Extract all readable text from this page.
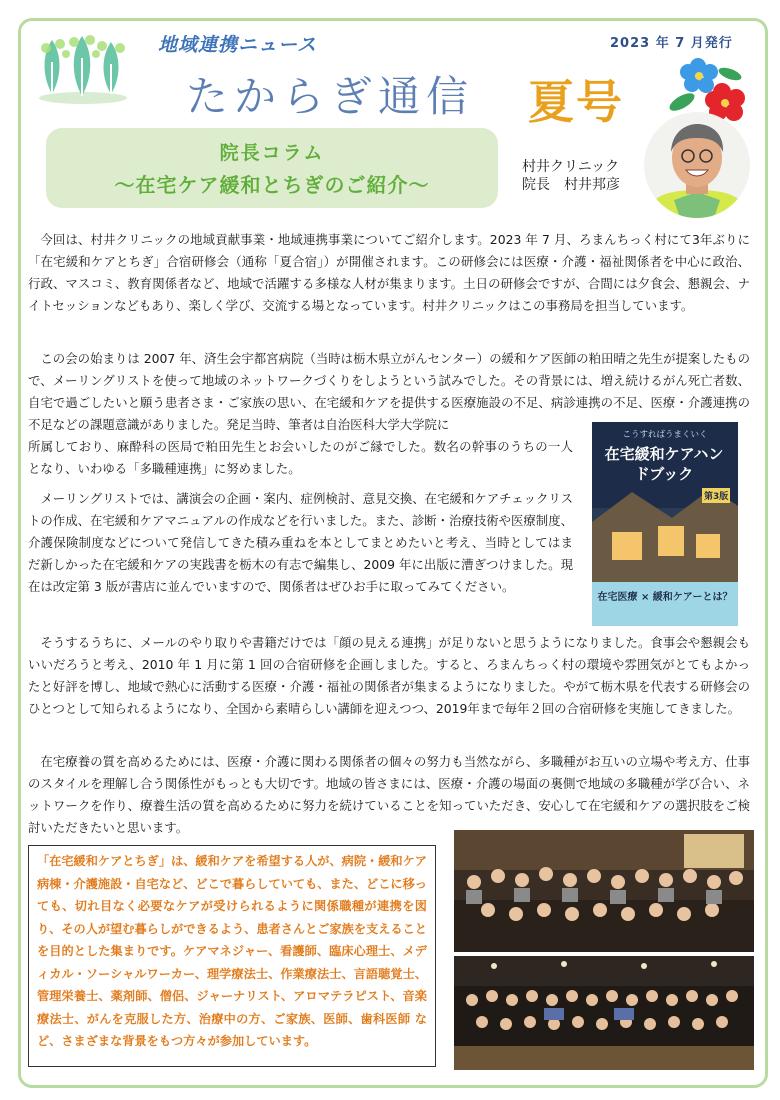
地域連携ニュース	2023 年 7 月発行
たからぎ通信 夏号
院長コラム
～在宅ケア緩和とちぎのご紹介～
村井クリニック
院長　村井邦彦

今回は、村井クリニックの地域貢献事業・地域連携事業についてご紹介します。2023 年 7 月、ろまんちっく村にて3年ぶりに「在宅緩和ケアとちぎ」合宿研修会（通称「夏合宿」）が開催されます。この研修会には医療・介護・福祉関係者を中心に政治、行政、マスコミ、教育関係者など、地域で活躍する多様な人材が集まります。土日の研修会ですが、合間には夕食会、懇親会、ナイトセッションなどもあり、楽しく学び、交流する場となっています。村井クリニックはこの事務局を担当しています。

この会の始まりは 2007 年、済生会宇都宮病院（当時は栃木県立がんセンター）の緩和ケア医師の粕田晴之先生が提案したもので、メーリングリストを使って地域のネットワークづくりをしようという試みでした。その背景には、増え続けるがん死亡者数、自宅で過ごしたいと願う患者さま・ご家族の思い、在宅緩和ケアを提供する医療施設の不足、病診連携の不足、医療・介護連携の不足などの課題意識がありました。発足当時、筆者は自治医科大学大学院に

所属しており、麻酔科の医局で粕田先生とお会いしたのがご縁でした。数名の幹事のうちの一人となり、いわゆる「多職種連携」に努めました。

メーリングリストでは、講演会の企画・案内、症例検討、意見交換、在宅緩和ケアチェックリストの作成、在宅緩和ケアマニュアルの作成などを行いました。また、診断・治療技術や医療制度、介護保険制度などについて発信してきた積み重ねを本としてまとめたいと考え、当時としてはまだ新しかった在宅緩和ケアの実践書を栃木の有志で編集し、2009 年に出版に漕ぎつけました。現在は改定第 3 版が書店に並んでいますので、関係者はぜひお手に取ってみてください。

そうするうちに、メールのやり取りや書籍だけでは「顔の見える連携」が足りないと思うようになりました。食事会や懇親会もいいだろうと考え、2010 年 1 月に第 1 回の合宿研修を企画しました。すると、ろまんちっく村の環境や雰囲気がとてもよかったと好評を博し、地域で熱心に活動する医療・介護・福祉の関係者が集まるようになりました。やがて栃木県を代表する研修会のひとつとして知られるようになり、全国から素晴らしい講師を迎えつつ、2019年まで毎年２回の合宿研修を実施してきました。

在宅療養の質を高めるためには、医療・介護に関わる関係者の個々の努力も当然ながら、多職種がお互いの立場や考え方、仕事のスタイルを理解し合う関係性がもっとも大切です。地域の皆さまには、医療・介護の場面の裏側で地域の多職種が学び合い、ネットワークを作り、療養生活の質を高めるために努力を続けていることを知っていただき、安心して在宅緩和ケアの選択肢をご検討いただきたいと思います。

こうすればうまくいく
在宅緩和ケアハンドブック
第3版
在宅医療 × 緩和ケアーとは？
「在宅緩和ケアとちぎ」は、緩和ケアを希望する人が、病院・緩和ケア病棟・介護施設・自宅など、どこで暮らしていても、また、どこに移っても、切れ目なく必要なケアが受けられるように関係職種が連携を図り、その人が望む暮らしができるよう、患者さんとご家族を支えることを目的とした集まりです。ケアマネジャー、看護師、臨床心理士、メディカル・ソーシャルワーカー、理学療法士、作業療法士、言語聴覚士、管理栄養士、薬剤師、僧侶、ジャーナリスト、アロマテラピスト、音楽療法士、がんを克服した方、治療中の方、ご家族、医師、歯科医師 など、さまざまな背景をもつ方々が参加しています。
